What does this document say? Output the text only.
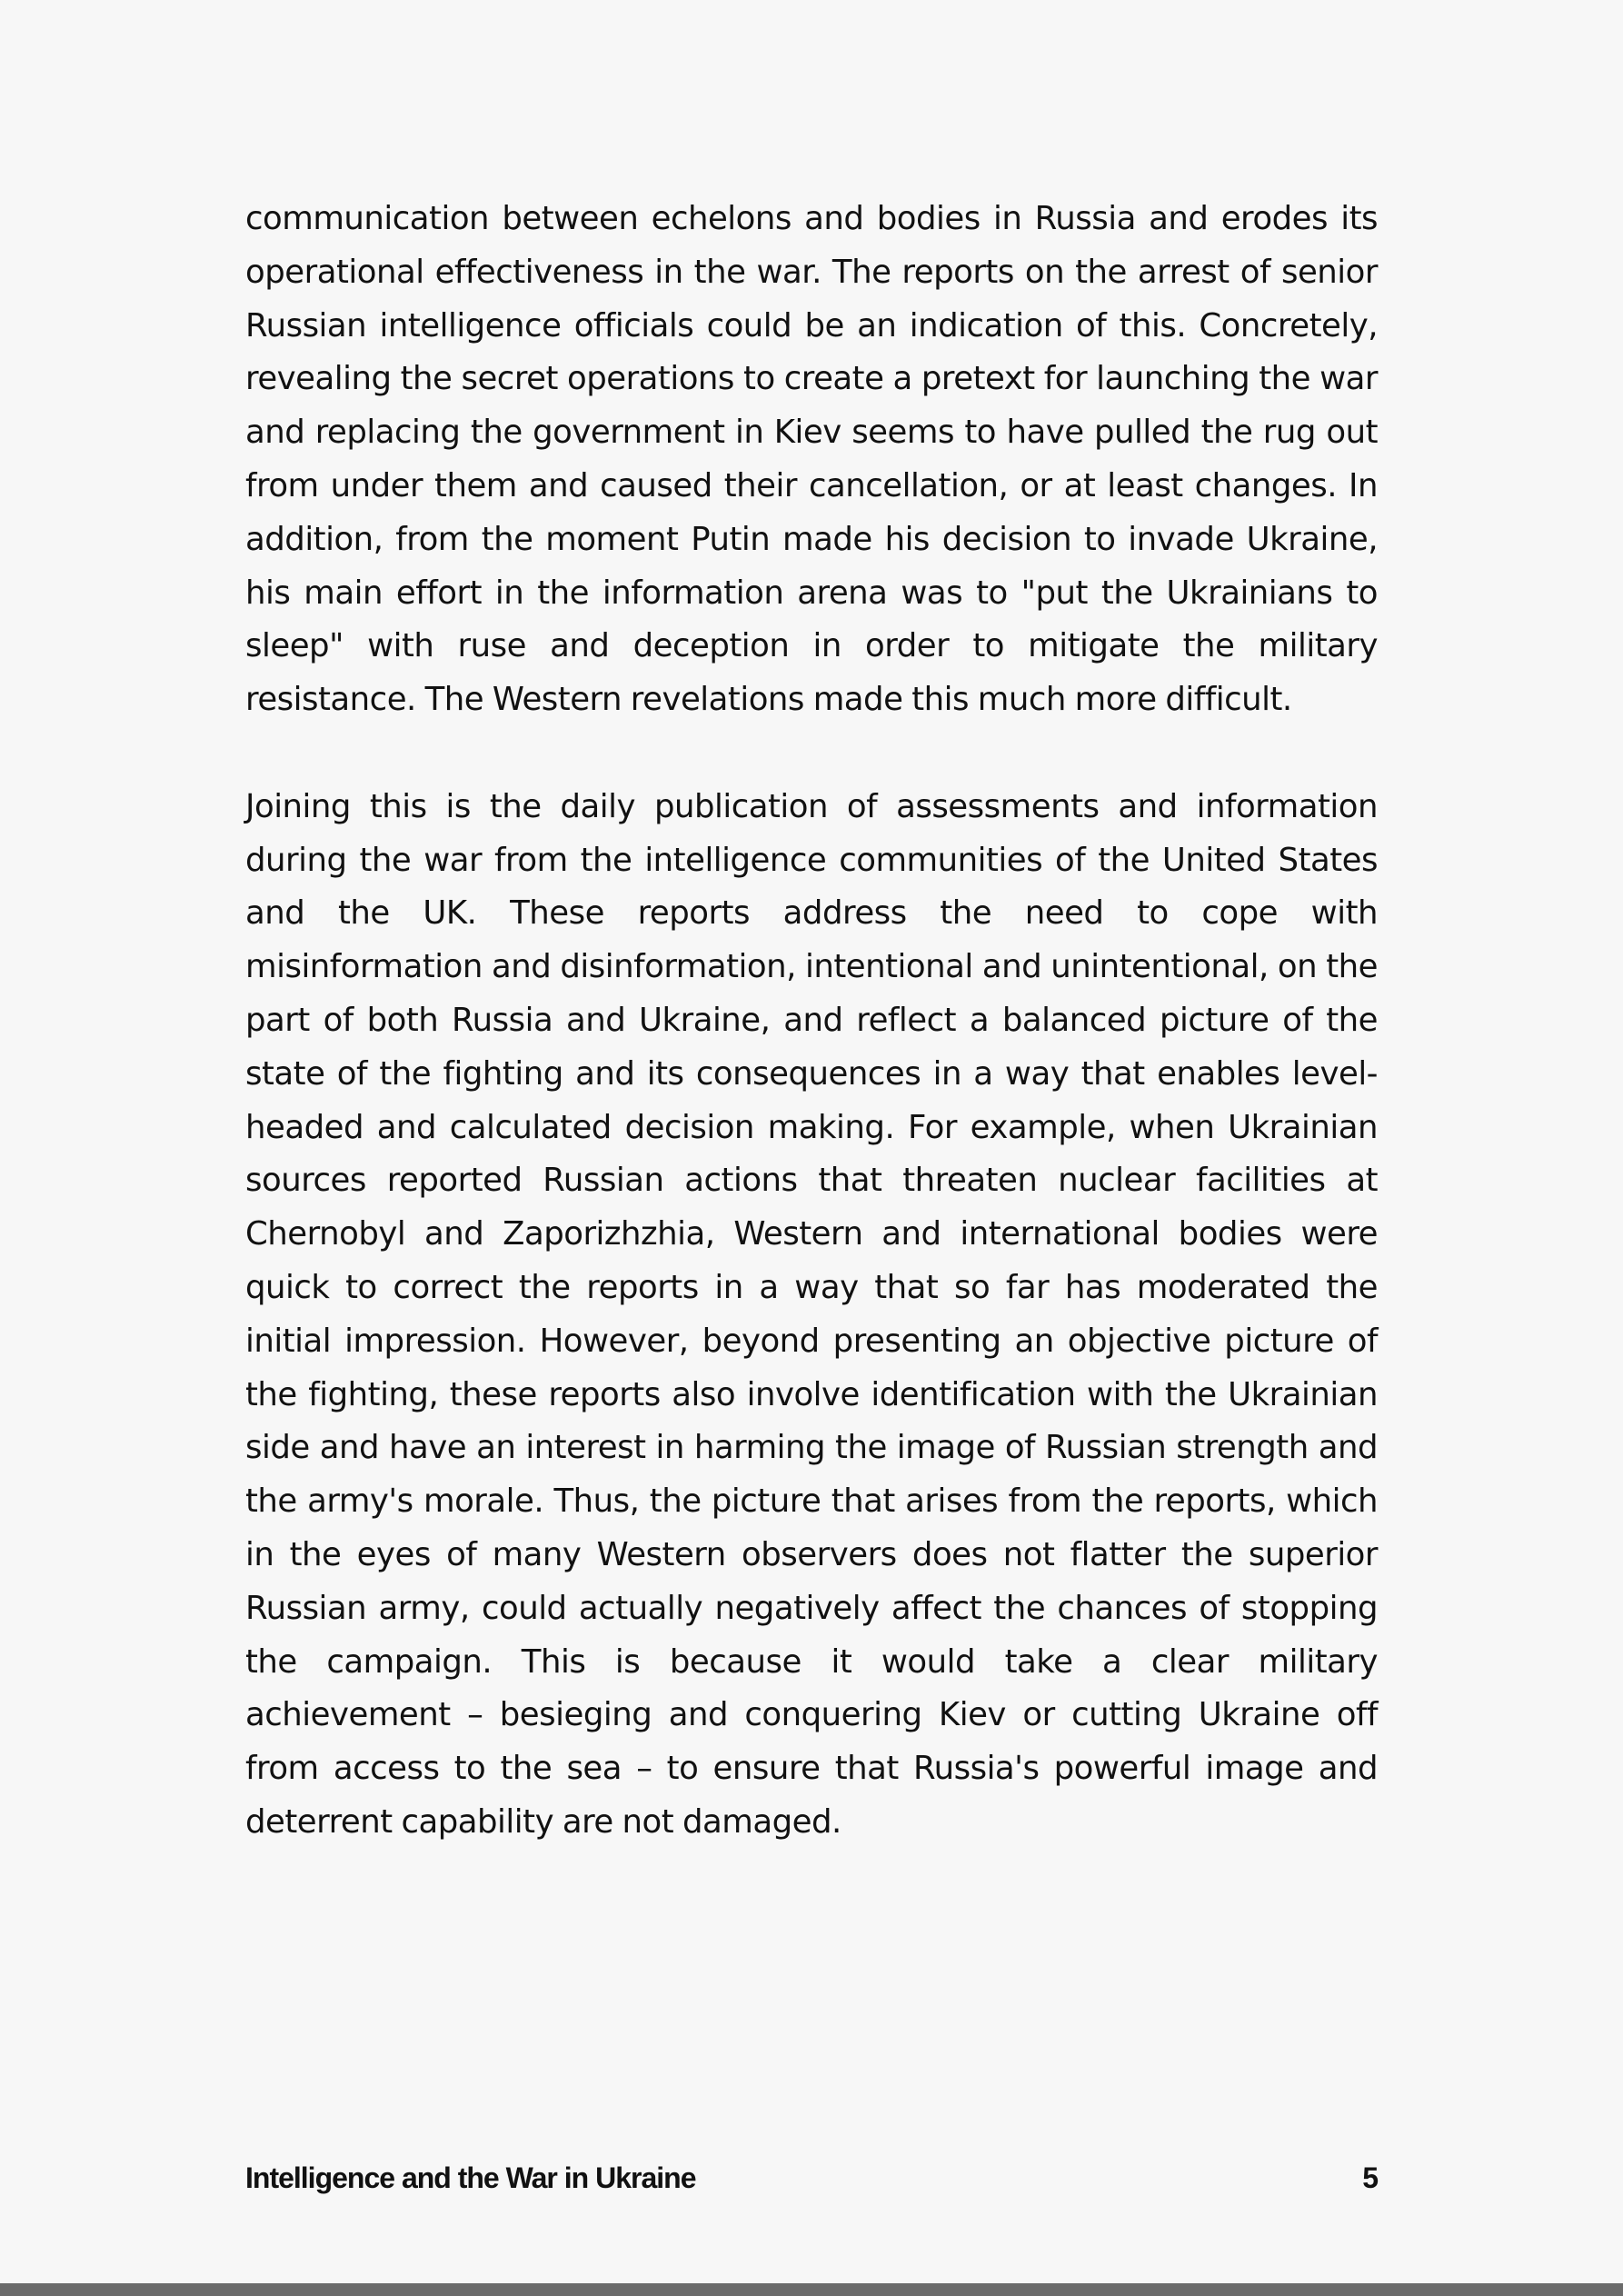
communication between echelons and bodies in Russia and erodes its operational effectiveness in the war. The reports on the arrest of senior Russian intelligence officials could be an indication of this. Concretely, revealing the secret operations to create a pretext for launching the war and replacing the government in Kiev seems to have pulled the rug out from under them and caused their cancellation, or at least changes. In addition, from the moment Putin made his decision to invade Ukraine, his main effort in the information arena was to "put the Ukrainians to sleep" with ruse and deception in order to mitigate the military resistance. The Western revelations made this much more difficult.

Joining this is the daily publication of assessments and information during the war from the intelligence communities of the United States and the UK. These reports address the need to cope with misinformation and disinformation, intentional and unintentional, on the part of both Russia and Ukraine, and reflect a balanced picture of the state of the fighting and its consequences in a way that enables level-headed and calculated decision making. For example, when Ukrainian sources reported Russian actions that threaten nuclear facilities at Chernobyl and Zaporizhzhia, Western and international bodies were quick to correct the reports in a way that so far has moderated the initial impression. However, beyond presenting an objective picture of the fighting, these reports also involve identification with the Ukrainian side and have an interest in harming the image of Russian strength and the army's morale. Thus, the picture that arises from the reports, which in the eyes of many Western observers does not flatter the superior Russian army, could actually negatively affect the chances of stopping the campaign. This is because it would take a clear military achievement – besieging and conquering Kiev or cutting Ukraine off from access to the sea – to ensure that Russia's powerful image and deterrent capability are not damaged.

Intelligence and the War in Ukraine	5
